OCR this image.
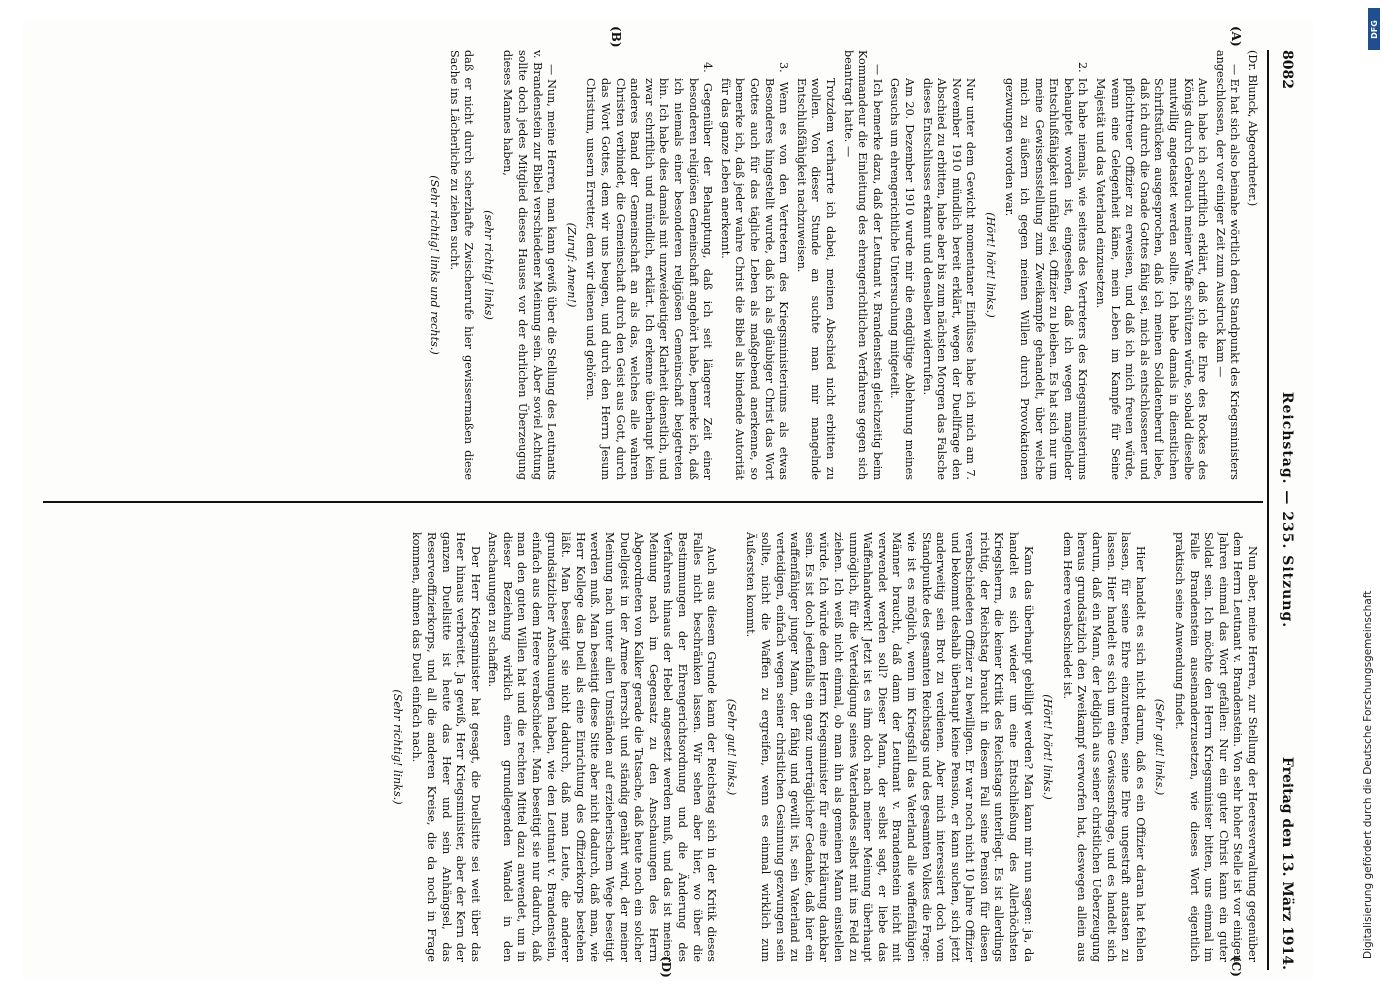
8082
Reichstag. — 235. Sitzung.
Freitag den 13. März 1914.
(A)
(B)
(C)
(D)

(Dr. Blunck, Abgeordneter.)

— Er hat sich also beinahe wörtlich dem Standpunkt des Kriegsministers angeschlossen, der vor einiger Zeit zum Ausdruck kam —

Auch habe ich schriftlich erklärt, daß ich die Ehre des Rockes des Königs durch Gebrauch meiner Waffe schützen würde, sobald dieselbe mutwillig angetastet werden sollte. Ich habe damals in dienstlichen Schriftstücken ausgesprochen, daß ich meinen Soldatenberuf liebe, daß ich durch die Gnade Gottes fähig sei, mich als entschlossener und pflichttreuer Offizier zu erweisen, und daß ich mich freuen würde, wenn eine Gelegenheit käme, mein Leben im Kampfe für Seine Majestät und das Vaterland einzusetzen.

2. Ich habe niemals, wie seitens des Vertreters des Kriegsministeriums behauptet worden ist, eingesehen, daß ich wegen mangelnder Entschlußfähigkeit unfähig sei, Offizier zu bleiben. Es hat sich nur um meine Gewissensstellung zum Zweikampfe gehandelt, über welche mich zu äußern ich gegen meinen Willen durch Provokationen gezwungen worden war.

(Hört! hört! links.)

Nur unter dem Gewicht momentaner Einflüsse habe ich mich am 7. November 1910 mündlich bereit erklärt, wegen der Duellfrage den Abschied zu erbitten, habe aber bis zum nächsten Morgen das Falsche dieses Entschlusses erkannt und denselben widerrufen.

Am 20. Dezember 1910 wurde mir die endgültige Ablehnung meines Gesuchs um ehrengerichtliche Untersuchung mitgeteilt.

— Ich bemerke dazu, daß der Leutnant v. Brandenstein gleichzeitig beim Kommandeur die Einleitung des ehrengerichtlichen Verfahrens gegen sich beantragt hatte. —

Trotzdem verharrte ich dabei, meinen Abschied nicht erbitten zu wollen. Von dieser Stunde an suchte man mir mangelnde Entschlußfähigkeit nachzuweisen.

3. Wenn es von den Vertretern des Kriegsministeriums als etwas Besonderes hingestellt wurde, daß ich als gläubiger Christ das Wort Gottes auch für das tägliche Leben als maßgebend anerkenne, so bemerke ich, daß jeder wahre Christ die Bibel als bindende Autorität für das ganze Leben anerkennt.

4. Gegenüber der Behauptung, daß ich seit längerer Zeit einer besonderen religiösen Gemeinschaft angehört habe, bemerke ich, daß ich niemals einer besonderen religiösen Gemeinschaft beigetreten bin. Ich habe dies damals mit unzweideutiger Klarheit dienstlich, und zwar schriftlich und mündlich, erklärt. Ich erkenne überhaupt kein anderes Band der Gemeinschaft an als das, welches alle wahren Christen verbindet, die Gemeinschaft durch den Geist aus Gott, durch das Wort Gottes, dem wir uns beugen, und durch den Herrn Jesum Christum, unsern Erretter, dem wir dienen und gehören.

(Zuruf: Amen!)

— Nun, meine Herren, man kann gewiß über die Stellung des Leutnants v. Brandenstein zur Bibel verschiedener Meinung sein. Aber soviel Achtung sollte doch jedes Mitglied dieses Hauses vor der ehrlichen Überzeugung dieses Mannes haben,

(sehr richtig! links)

daß er nicht durch scherzhafte Zwischenrufe hier gewissermaßen diese Sache ins Lächerliche zu ziehen sucht.

(Sehr richtig! links und rechts.)

Nun aber, meine Herren, zur Stellung der Heeresverwaltung gegenüber dem Herrn Leutnant v. Brandenstein. Von sehr hoher Stelle ist vor einigen Jahren einmal das Wort gefallen: Nur ein guter Christ kann ein guter Soldat sein. Ich möchte den Herrn Kriegsminister bitten, uns einmal im Falle Brandenstein auseinanderzusetzen, wie dieses Wort eigentlich praktisch seine Anwendung findet.

(Sehr gut! links.)

Hier handelt es sich nicht darum, daß es ein Offizier daran hat fehlen lassen, für seine Ehre einzutreten, seine Ehre ungestraft antasten zu lassen. Hier handelt es sich um eine Gewissensfrage, und es handelt sich darum, daß ein Mann, der lediglich aus seiner christlichen Ueberzeugung heraus grundsätzlich den Zweikampf verworfen hat, deswegen allein aus dem Heere verabschiedet ist.

(Hört! hört! links.)

Kann das überhaupt gebilligt werden? Man kann mir nun sagen: ja, da handelt es sich wieder um eine Entschließung des Allerhöchsten Kriegsherrn, die keiner Kritik des Reichstags unterliegt. Es ist allerdings richtig, der Reichstag braucht in diesem Fall seine Pension für diesen verabschiedeten Offizier zu bewilligen. Er war noch nicht 10 Jahre Offizier und bekommt deshalb überhaupt keine Pension, er kann suchen, sich jetzt anderweitig sein Brot zu verdienen. Aber mich interessiert doch vom Standpunkte des gesamten Reichstags und des gesamten Volkes die Frage: wie ist es möglich, wenn im Kriegsfall das Vaterland alle waffenfähigen Männer braucht, daß dann der Leutnant v. Brandenstein nicht mit verwendet werden soll? Dieser Mann, der selbst sagt, er liebe das Waffenhandwerk! Jetzt ist es ihm doch nach meiner Meinung überhaupt unmöglich, für die Verteidigung seines Vaterlandes selbst mit ins Feld zu ziehen. Ich weiß nicht einmal, ob man ihn als gemeinen Mann einstellen würde. Ich würde dem Herrn Kriegsminister für eine Erklärung dankbar sein. Es ist doch jedenfalls ein ganz unerträglicher Gedanke, daß hier ein waffenfähiger junger Mann, der fähig und gewillt ist, sein Vaterland zu verteidigen, einfach wegen seiner christlichen Gesinnung gezwungen sein sollte, nicht die Waffen zu ergreifen, wenn es einmal wirklich zum Äußersten kommt.

(Sehr gut! links.)

Auch aus diesem Grunde kann der Reichstag sich in der Kritik dieses Falles nicht beschränken lassen. Wir sehen aber hier, wo über die Bestimmungen der Ehrengerichtsordnung und die Änderung des Verfahrens hinaus der Hebel angesetzt werden muß, und das ist meiner Meinung nach im Gegensatz zu den Anschauungen des Herrn Abgeordneten von Kalker gerade die Tatsache, daß heute noch ein solcher Duellgeist in der Armee herrscht und ständig genährt wird, der meiner Meinung nach unter allen Umständen auf erzieherischem Wege beseitigt werden muß. Man beseitigt diese Sitte aber nicht dadurch, daß man, wie Herr Kollege das Duell als eine Einrichtung des Offizierkorps bestehen läßt. Man beseitigt sie nicht dadurch, daß man Leute, die anderer grundsätzlicher Anschauungen haben, wie den Leutnant v. Brandenstein, einfach aus dem Heere verabschiedet. Man beseitigt sie nur dadurch, daß man den guten Willen hat und die rechten Mittel dazu anwendet, um in dieser Beziehung wirklich einen grundlegenden Wandel in den Anschauungen zu schaffen.

Der Herr Kriegsminister hat gesagt, die Duellsitte sei weit über das Heer hinaus verbreitet. Ja gewiß, Herr Kriegsminister, aber der Kern der ganzen Duellsitte ist heute das Heer und sein Anhängsel, das Reserveoffizierkorps, und all die anderen Kreise, die da noch in Frage kommen, ahmen das Duell einfach nach.

(Sehr richtig! links.)	Digitalisierung gefördert durch die Deutsche Forschungsgemeinschaft
DFG
